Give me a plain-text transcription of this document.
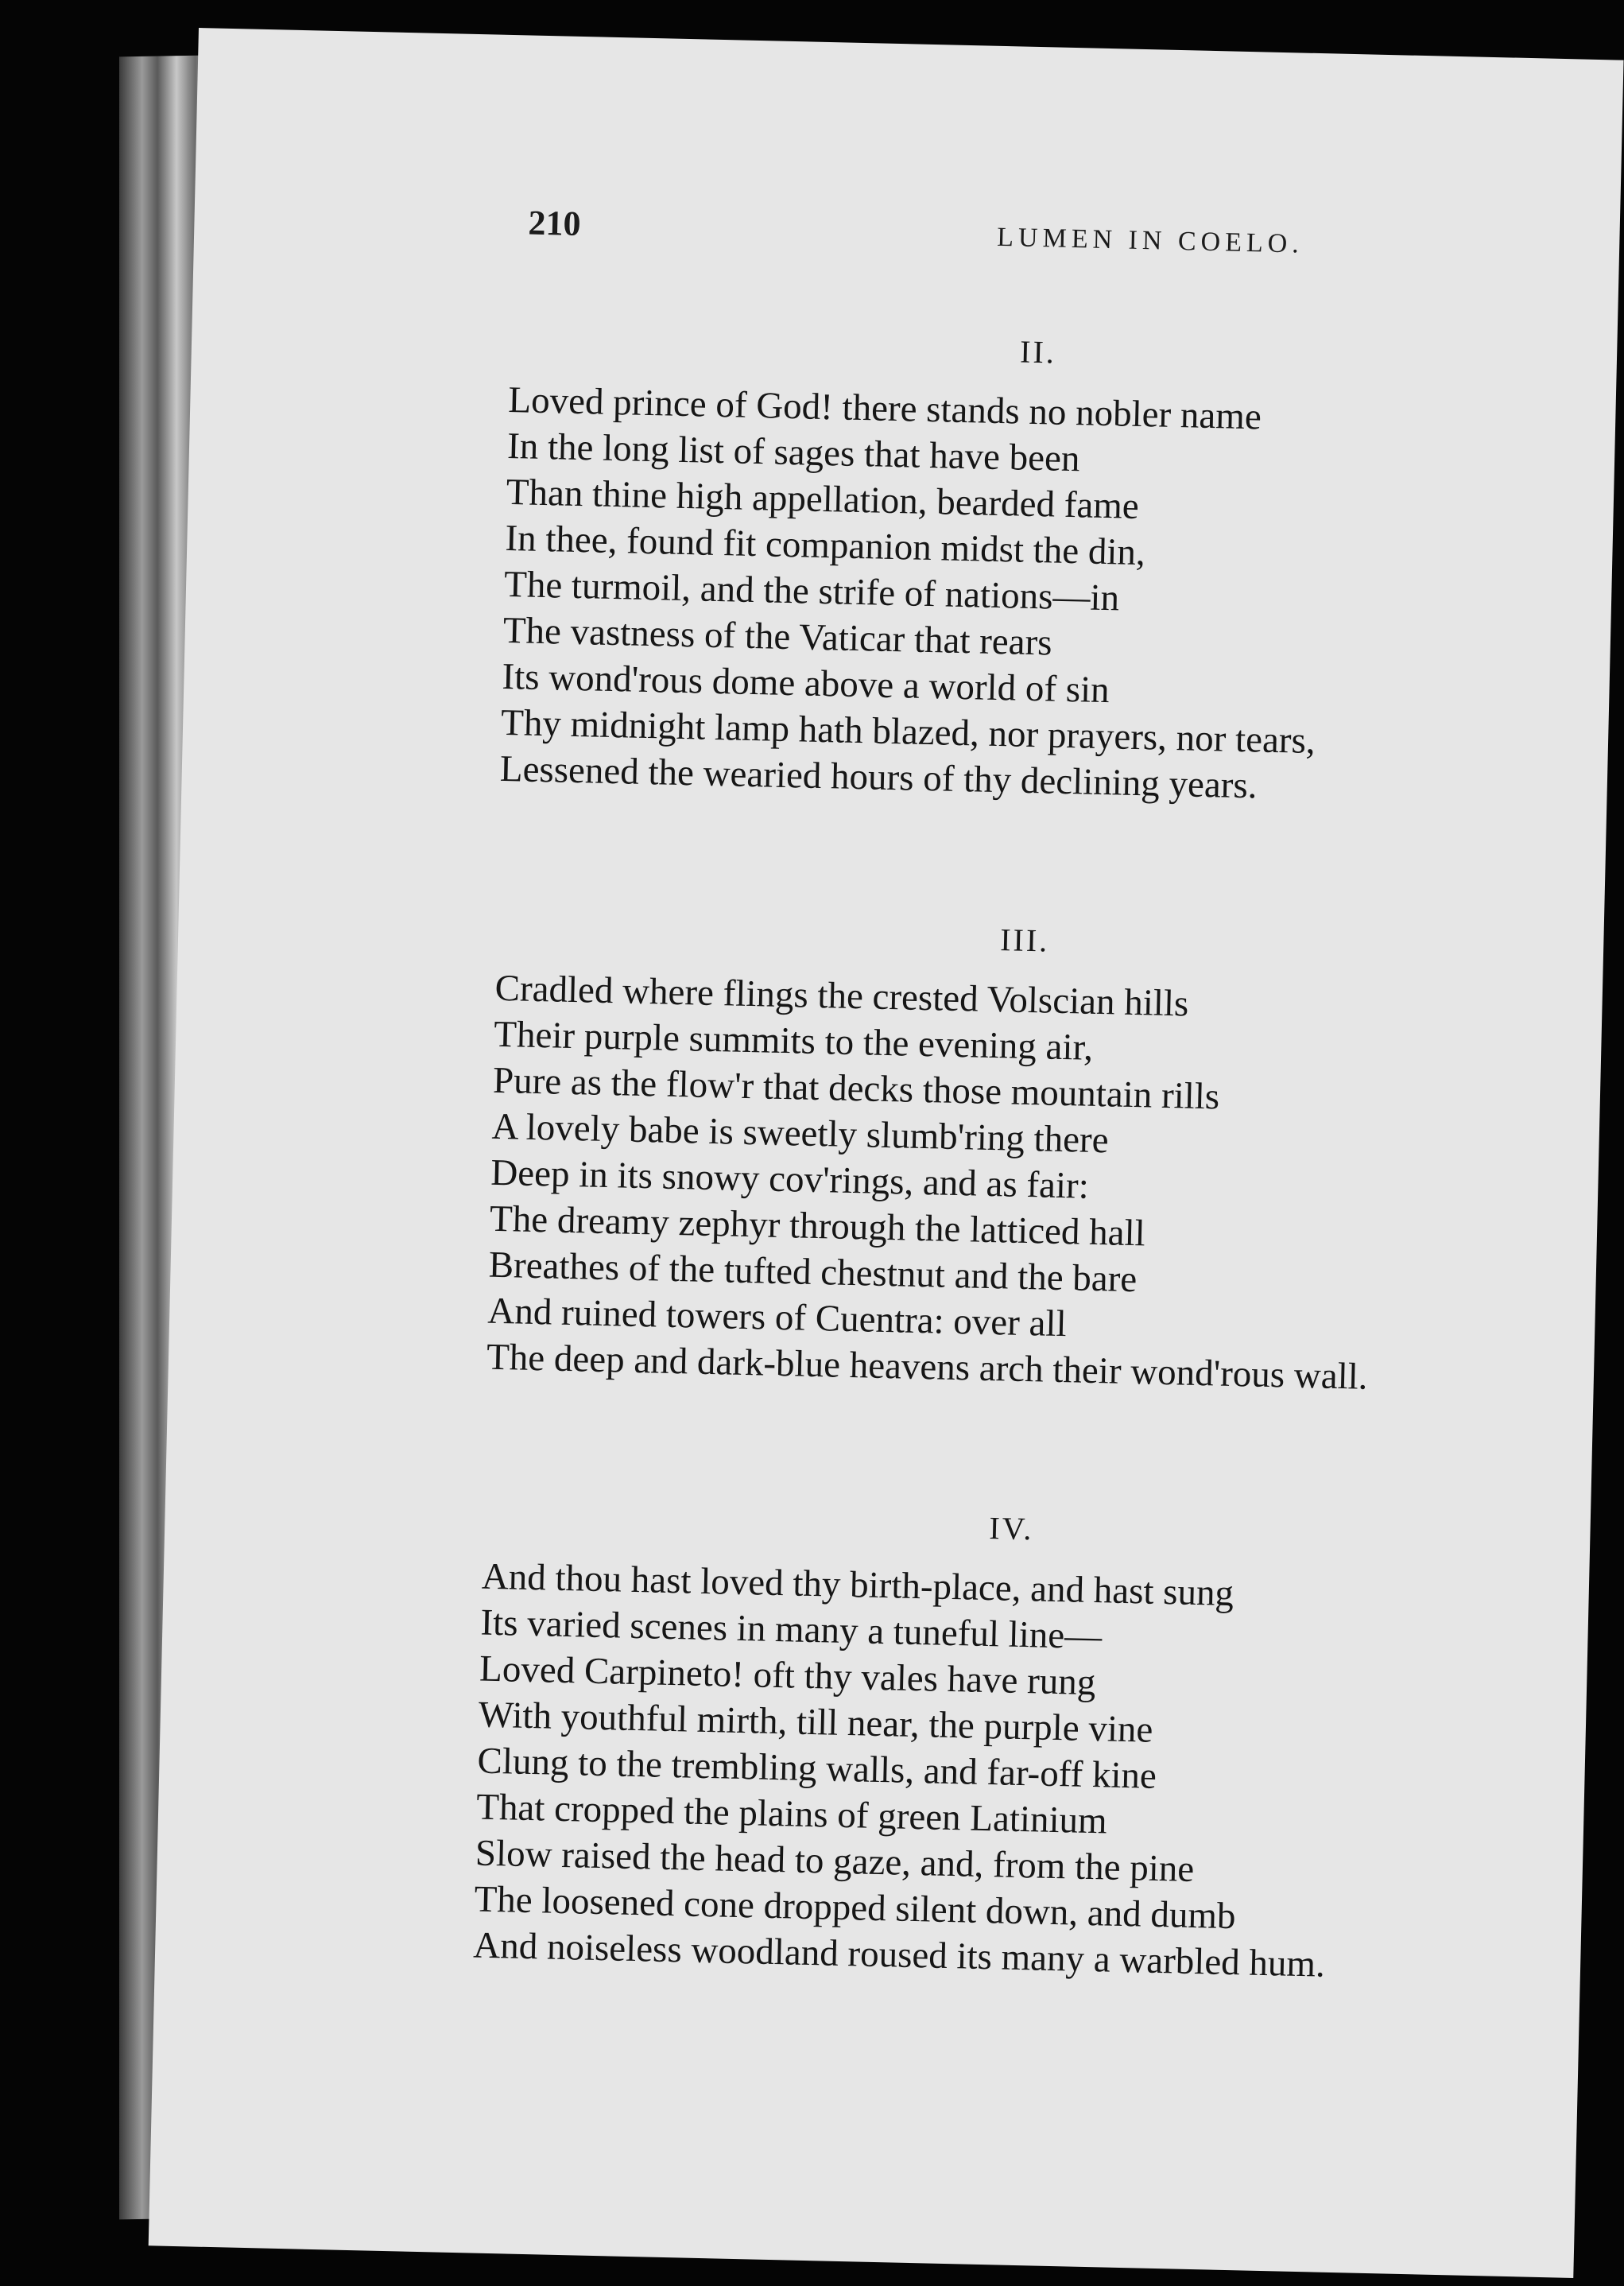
210	LUMEN IN COELO.
II.
Loved prince of God! there stands no nobler name
In the long list of sages that have been
Than thine high appellation, bearded fame
In thee, found fit companion midst the din,
The turmoil, and the strife of nations—in
The vastness of the Vaticar that rears
Its wond'rous dome above a world of sin
Thy midnight lamp hath blazed, nor prayers, nor tears,
Lessened the wearied hours of thy declining years.
III.
Cradled where flings the crested Volscian hills
Their purple summits to the evening air,
Pure as the flow'r that decks those mountain rills
A lovely babe is sweetly slumb'ring there
Deep in its snowy cov'rings, and as fair:
The dreamy zephyr through the latticed hall
Breathes of the tufted chestnut and the bare
And ruined towers of Cuentra: over all
The deep and dark-blue heavens arch their wond'rous wall.
IV.
And thou hast loved thy birth-place, and hast sung
Its varied scenes in many a tuneful line—
Loved Carpineto! oft thy vales have rung
With youthful mirth, till near, the purple vine
Clung to the trembling walls, and far-off kine
That cropped the plains of green Latinium
Slow raised the head to gaze, and, from the pine
The loosened cone dropped silent down, and dumb
And noiseless woodland roused its many a warbled hum.
